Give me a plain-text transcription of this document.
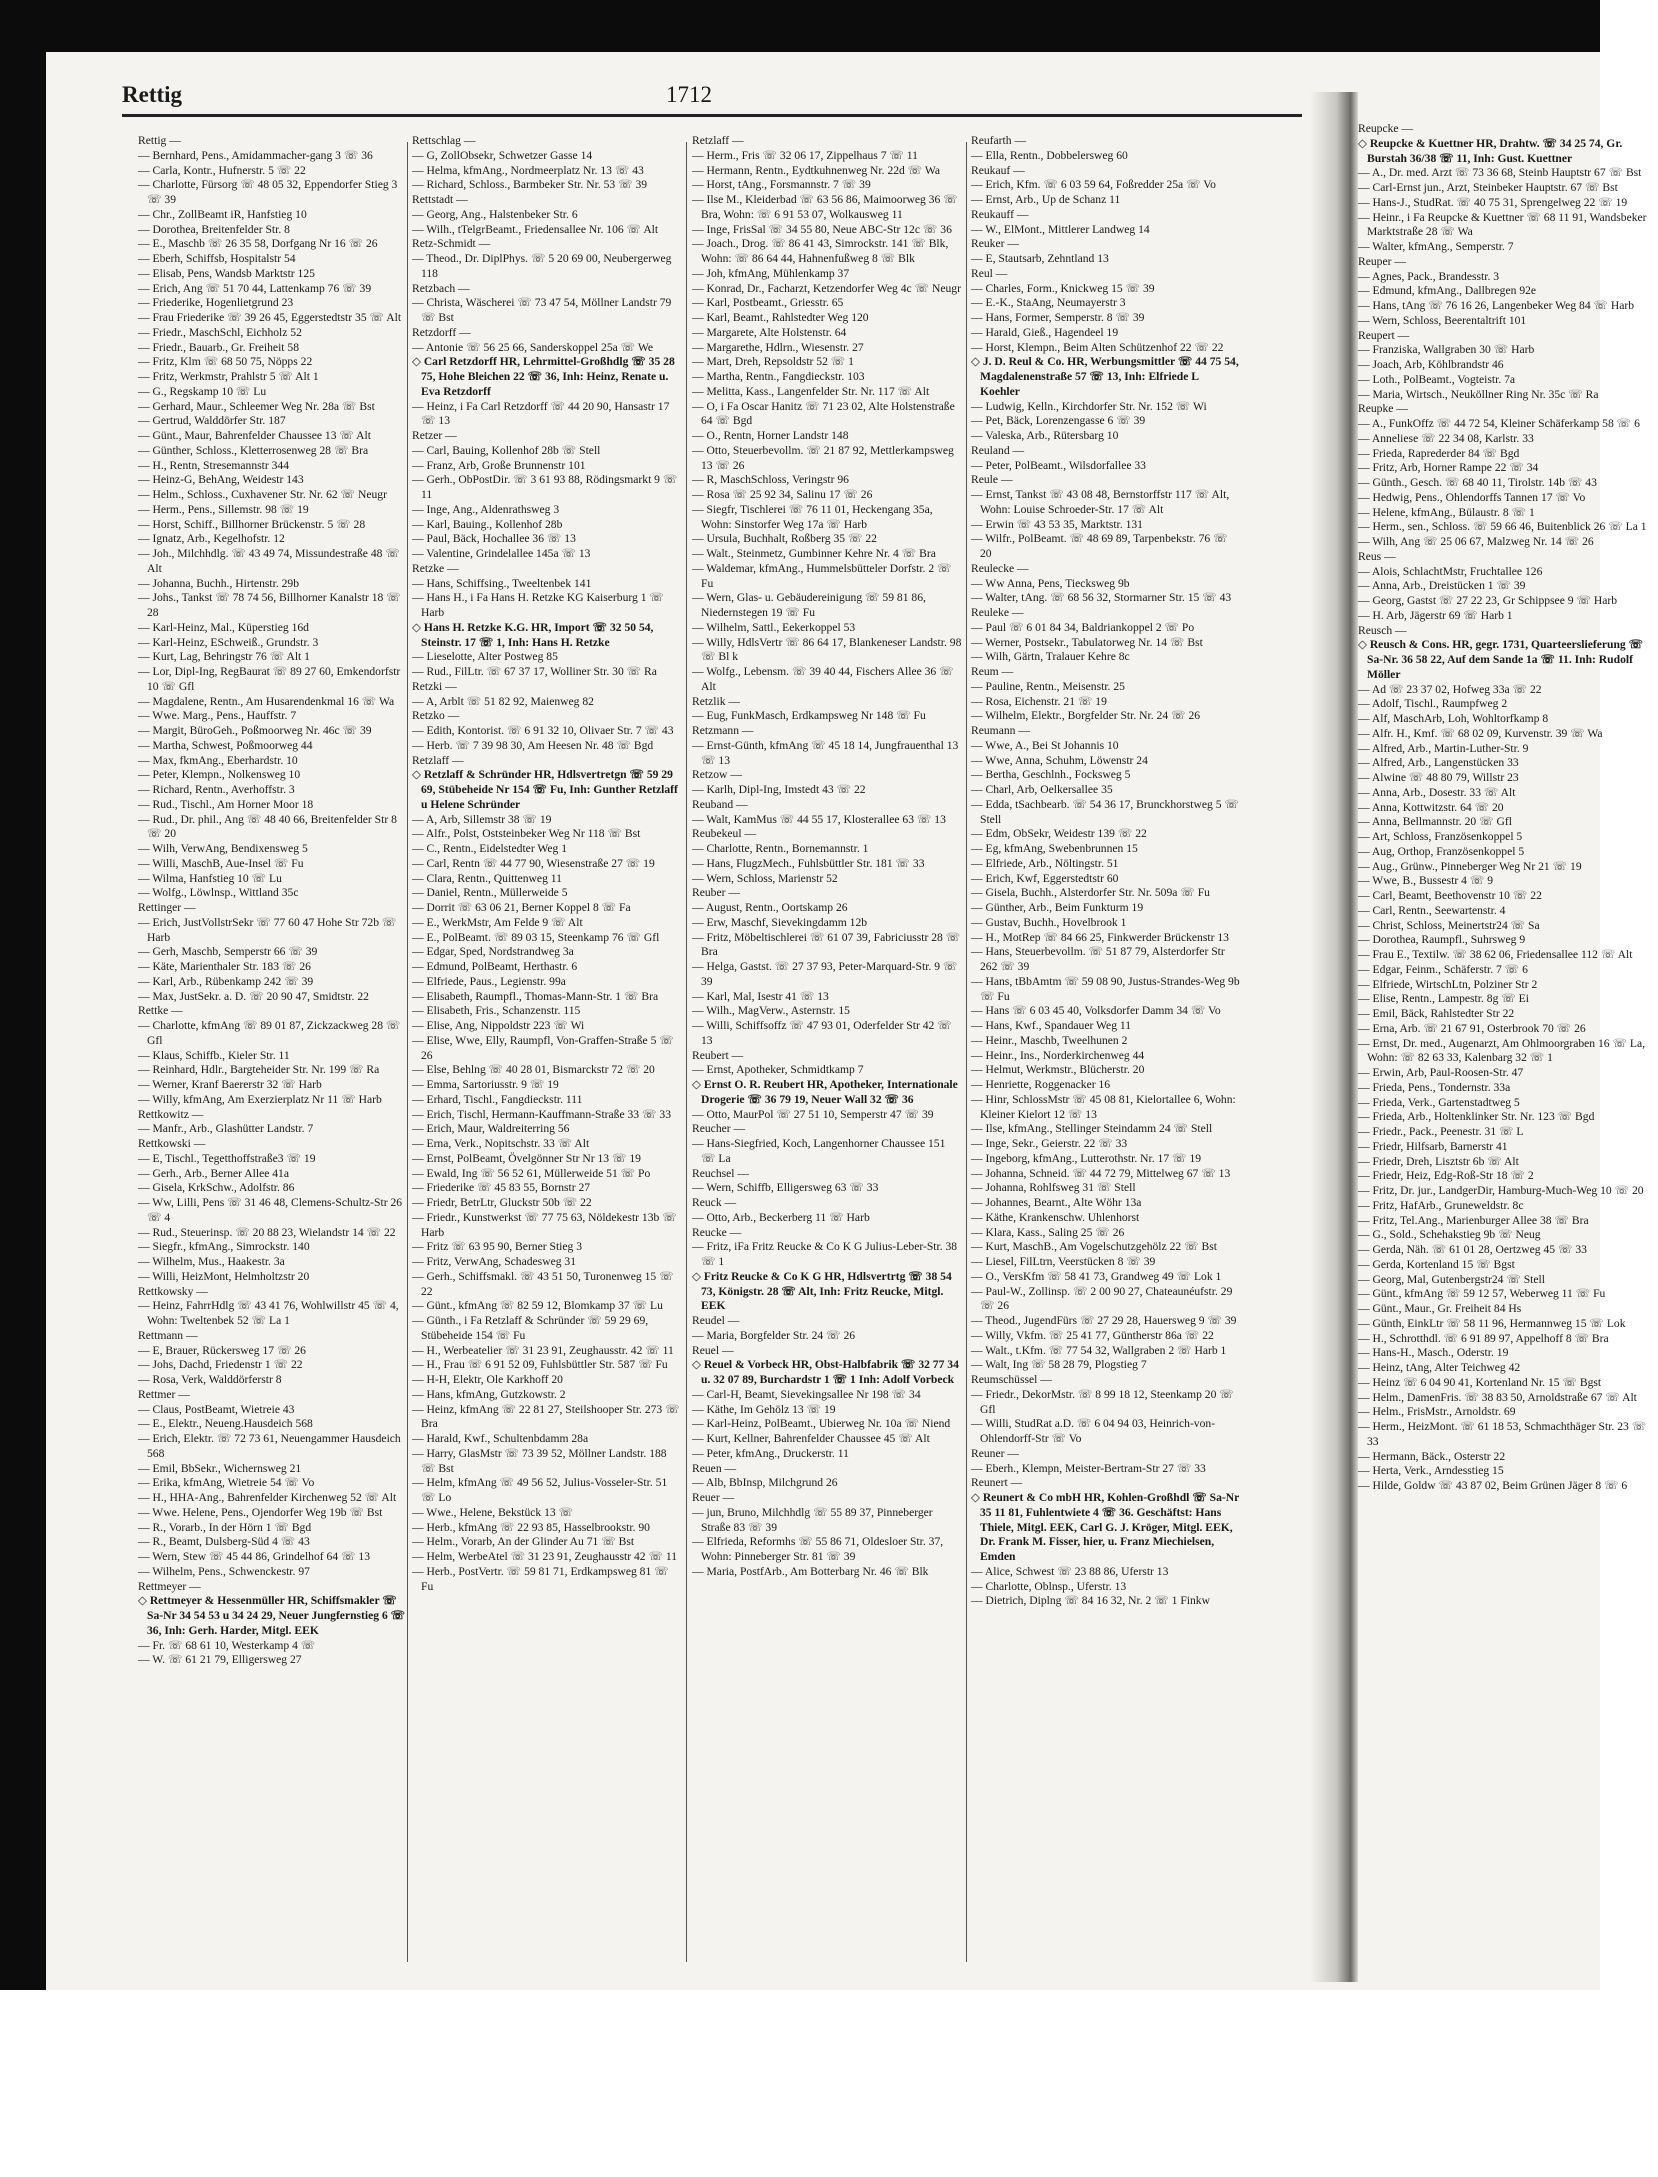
Rettig	1712
Rettig —
— Bernhard, Pens., Amidammacher-gang 3 ☏ 36
— Carla, Kontr., Hufnerstr. 5 ☏ 22
— Charlotte, Fürsorg ☏ 48 05 32, Eppendorfer Stieg 3 ☏ 39
— Chr., ZollBeamt iR, Hanfstieg 10
— Dorothea, Breitenfelder Str. 8
— E., Maschb ☏ 26 35 58, Dorfgang Nr 16 ☏ 26
— Eberh, Schiffsb, Hospitalstr 54
— Elisab, Pens, Wandsb Marktstr 125
— Erich, Ang ☏ 51 70 44, Lattenkamp 76 ☏ 39
— Friederike, Hogenlietgrund 23
— Frau Friederike ☏ 39 26 45, Eggerstedtstr 35 ☏ Alt
— Friedr., MaschSchl, Eichholz 52
— Friedr., Bauarb., Gr. Freiheit 58
— Fritz, Klm ☏ 68 50 75, Nöpps 22
— Fritz, Werkmstr, Prahlstr 5 ☏ Alt 1
— G., Regskamp 10 ☏ Lu
— Gerhard, Maur., Schleemer Weg Nr. 28a ☏ Bst
— Gertrud, Walddörfer Str. 187
— Günt., Maur, Bahrenfelder Chaussee 13 ☏ Alt
— Günther, Schloss., Kletterrosenweg 28 ☏ Bra
— H., Rentn, Stresemannstr 344
— Heinz-G, BehAng, Weidestr 143
— Helm., Schloss., Cuxhavener Str. Nr. 62 ☏ Neugr
— Herm., Pens., Sillemstr. 98 ☏ 19
— Horst, Schiff., Billhorner Brückenstr. 5 ☏ 28
— Ignatz, Arb., Kegelhofstr. 12
— Joh., Milchhdlg. ☏ 43 49 74, Missundestraße 48 ☏ Alt
— Johanna, Buchh., Hirtenstr. 29b
— Johs., Tankst ☏ 78 74 56, Billhorner Kanalstr 18 ☏ 28
— Karl-Heinz, Mal., Küperstieg 16d
— Karl-Heinz, ESchweiß., Grundstr. 3
— Kurt, Lag, Behringstr 76 ☏ Alt 1
— Lor, Dipl-Ing, RegBaurat ☏ 89 27 60, Emkendorfstr 10 ☏ Gfl
— Magdalene, Rentn., Am Husarendenkmal 16 ☏ Wa
— Wwe. Marg., Pens., Hauffstr. 7
— Margit, BüroGeh., Poßmoorweg Nr. 46c ☏ 39
— Martha, Schwest, Poßmoorweg 44
— Max, fkmAng., Eberhardstr. 10
— Peter, Klempn., Nolkensweg 10
— Richard, Rentn., Averhoffstr. 3
— Rud., Tischl., Am Horner Moor 18
— Rud., Dr. phil., Ang ☏ 48 40 66, Breitenfelder Str 8 ☏ 20
— Wilh, VerwAng, Bendixensweg 5
— Willi, MaschB, Aue-Insel ☏ Fu
— Wilma, Hanfstieg 10 ☏ Lu
— Wolfg., Löwlnsp., Wittland 35c
Rettinger —
— Erich, JustVollstrSekr ☏ 77 60 47 Hohe Str 72b ☏ Harb
— Gerh, Maschb, Semperstr 66 ☏ 39
— Käte, Marienthaler Str. 183 ☏ 26
— Karl, Arb., Rübenkamp 242 ☏ 39
— Max, JustSekr. a. D. ☏ 20 90 47, Smidtstr. 22
Rettke —
— Charlotte, kfmAng ☏ 89 01 87, Zickzackweg 28 ☏ Gfl
— Klaus, Schiffb., Kieler Str. 11
— Reinhard, Hdlr., Bargteheider Str. Nr. 199 ☏ Ra
— Werner, Kranf Baererstr 32 ☏ Harb
— Willy, kfmAng, Am Exerzierplatz Nr 11 ☏ Harb
Rettkowitz —
— Manfr., Arb., Glashütter Landstr. 7
Rettkowski —
— E, Tischl., Tegetthoffstraße3 ☏ 19
— Gerh., Arb., Berner Allee 41a
— Gisela, KrkSchw., Adolfstr. 86
— Ww, Lilli, Pens ☏ 31 46 48, Clemens-Schultz-Str 26 ☏ 4
— Rud., Steuerinsp. ☏ 20 88 23, Wielandstr 14 ☏ 22
— Siegfr., kfmAng., Simrockstr. 140
— Wilhelm, Mus., Haakestr. 3a
— Willi, HeizMont, Helmholtzstr 20
Rettkowsky —
— Heinz, FahrrHdlg ☏ 43 41 76, Wohlwillstr 45 ☏ 4, Wohn: Tweltenbek 52 ☏ La 1
Rettmann —
— E, Brauer, Rückersweg 17 ☏ 26
— Johs, Dachd, Friedenstr 1 ☏ 22
— Rosa, Verk, Walddörferstr 8
Rettmer —
— Claus, PostBeamt, Wietreie 43
— E., Elektr., Neueng.Hausdeich 568
— Erich, Elektr. ☏ 72 73 61, Neuengammer Hausdeich 568
— Emil, BbSekr., Wichernsweg 21
— Erika, kfmAng, Wietreie 54 ☏ Vo
— H., HHA-Ang., Bahrenfelder Kirchenweg 52 ☏ Alt
— Wwe. Helene, Pens., Ojendorfer Weg 19b ☏ Bst
— R., Vorarb., In der Hörn 1 ☏ Bgd
— R., Beamt, Dulsberg-Süd 4 ☏ 43
— Wern, Stew ☏ 45 44 86, Grindelhof 64 ☏ 13
— Wilhelm, Pens., Schwenckestr. 97
Rettmeyer —
◇ Rettmeyer & Hessenmüller HR, Schiffsmakler ☏ Sa-Nr 34 54 53 u 34 24 29, Neuer Jungfernstieg 6 ☏ 36, Inh: Gerh. Harder, Mitgl. EEK
— Fr. ☏ 68 61 10, Westerkamp 4 ☏
— W. ☏ 61 21 79, Elligersweg 27
Rettschlag —
— G, ZollObsekr, Schwetzer Gasse 14
— Helma, kfmAng., Nordmeerplatz Nr. 13 ☏ 43
— Richard, Schloss., Barmbeker Str. Nr. 53 ☏ 39
Rettstadt —
— Georg, Ang., Halstenbeker Str. 6
— Wilh., tTelgrBeamt., Friedensallee Nr. 106 ☏ Alt
Retz-Schmidt —
— Theod., Dr. DiplPhys. ☏ 5 20 69 00, Neubergerweg 118
Retzbach —
— Christa, Wäscherei ☏ 73 47 54, Möllner Landstr 79 ☏ Bst
Retzdorff —
— Antonie ☏ 56 25 66, Sanderskoppel 25a ☏ We
◇ Carl Retzdorff HR, Lehrmittel-Großhdlg ☏ 35 28 75, Hohe Bleichen 22 ☏ 36, Inh: Heinz, Renate u. Eva Retzdorff
— Heinz, i Fa Carl Retzdorff ☏ 44 20 90, Hansastr 17 ☏ 13
Retzer —
— Carl, Bauing, Kollenhof 28b ☏ Stell
— Franz, Arb, Große Brunnenstr 101
— Gerh., ObPostDir. ☏ 3 61 93 88, Rödingsmarkt 9 ☏ 11
— Inge, Ang., Aldenrathsweg 3
— Karl, Bauing., Kollenhof 28b
— Paul, Bäck, Hochallee 36 ☏ 13
— Valentine, Grindelallee 145a ☏ 13
Retzke —
— Hans, Schiffsing., Tweeltenbek 141
— Hans H., i Fa Hans H. Retzke KG Kaiserburg 1 ☏ Harb
◇ Hans H. Retzke K.G. HR, Import ☏ 32 50 54, Steinstr. 17 ☏ 1, Inh: Hans H. Retzke
— Lieselotte, Alter Postweg 85
— Rud., FilLtr. ☏ 67 37 17, Wolliner Str. 30 ☏ Ra
Retzki —
— A, Arblt ☏ 51 82 92, Maienweg 82
Retzko —
— Edith, Kontorist. ☏ 6 91 32 10, Olivaer Str. 7 ☏ 43
— Herb. ☏ 7 39 98 30, Am Heesen Nr. 48 ☏ Bgd
Retzlaff —
◇ Retzlaff & Schründer HR, Hdlsvertretgn ☏ 59 29 69, Stübeheide Nr 154 ☏ Fu, Inh: Gunther Retzlaff u Helene Schründer
— A, Arb, Sillemstr 38 ☏ 19
— Alfr., Polst, Oststeinbeker Weg Nr 118 ☏ Bst
— C., Rentn., Eidelstedter Weg 1
— Carl, Rentn ☏ 44 77 90, Wiesenstraße 27 ☏ 19
— Clara, Rentn., Quittenweg 11
— Daniel, Rentn., Müllerweide 5
— Dorrit ☏ 63 06 21, Berner Koppel 8 ☏ Fa
— E., WerkMstr, Am Felde 9 ☏ Alt
— E., PolBeamt. ☏ 89 03 15, Steenkamp 76 ☏ Gfl
— Edgar, Sped, Nordstrandweg 3a
— Edmund, PolBeamt, Herthastr. 6
— Elfriede, Paus., Legienstr. 99a
— Elisabeth, Raumpfl., Thomas-Mann-Str. 1 ☏ Bra
— Elisabeth, Fris., Schanzenstr. 115
— Elise, Ang, Nippoldstr 223 ☏ Wi
— Elise, Wwe, Elly, Raumpfl, Von-Graffen-Straße 5 ☏ 26
— Else, Behlng ☏ 40 28 01, Bismarckstr 72 ☏ 20
— Emma, Sartoriusstr. 9 ☏ 19
— Erhard, Tischl., Fangdieckstr. 111
— Erich, Tischl, Hermann-Kauffmann-Straße 33 ☏ 33
— Erich, Maur, Waldreiterring 56
— Erna, Verk., Nopitschstr. 33 ☏ Alt
— Ernst, PolBeamt, Övelgönner Str Nr 13 ☏ 19
— Ewald, Ing ☏ 56 52 61, Müllerweide 51 ☏ Po
— Friederike ☏ 45 83 55, Bornstr 27
— Friedr, BetrLtr, Gluckstr 50b ☏ 22
— Friedr., Kunstwerkst ☏ 77 75 63, Nöldekestr 13b ☏ Harb
— Fritz ☏ 63 95 90, Berner Stieg 3
— Fritz, VerwAng, Schadesweg 31
— Gerh., Schiffsmakl. ☏ 43 51 50, Turonenweg 15 ☏ 22
— Günt., kfmAng ☏ 82 59 12, Blomkamp 37 ☏ Lu
— Günth., i Fa Retzlaff & Schründer ☏ 59 29 69, Stübeheide 154 ☏ Fu
— H., Werbeatelier ☏ 31 23 91, Zeughausstr. 42 ☏ 11
— H., Frau ☏ 6 91 52 09, Fuhlsbüttler Str. 587 ☏ Fu
— H-H, Elektr, Ole Karkhoff 20
— Hans, kfmAng, Gutzkowstr. 2
— Heinz, kfmAng ☏ 22 81 27, Steilshooper Str. 273 ☏ Bra
— Harald, Kwf., Schultenbdamm 28a
— Harry, GlasMstr ☏ 73 39 52, Möllner Landstr. 188 ☏ Bst
— Helm, kfmAng ☏ 49 56 52, Julius-Vosseler-Str. 51 ☏ Lo
— Wwe., Helene, Bekstück 13 ☏
— Herb., kfmAng ☏ 22 93 85, Hasselbrookstr. 90
— Helm., Vorarb, An der Glinder Au 71 ☏ Bst
— Helm, WerbeAtel ☏ 31 23 91, Zeughausstr 42 ☏ 11
— Herb., PostVertr. ☏ 59 81 71, Erdkampsweg 81 ☏ Fu
Retzlaff —
— Herm., Fris ☏ 32 06 17, Zippelhaus 7 ☏ 11
— Hermann, Rentn., Eydtkuhnenweg Nr. 22d ☏ Wa
— Horst, tAng., Forsmannstr. 7 ☏ 39
— Ilse M., Kleiderbad ☏ 63 56 86, Maimoorweg 36 ☏ Bra, Wohn: ☏ 6 91 53 07, Wolkausweg 11
— Inge, FrisSal ☏ 34 55 80, Neue ABC-Str 12c ☏ 36
— Joach., Drog. ☏ 86 41 43, Simrockstr. 141 ☏ Blk, Wohn: ☏ 86 64 44, Hahnenfußweg 8 ☏ Blk
— Joh, kfmAng, Mühlenkamp 37
— Konrad, Dr., Facharzt, Ketzendorfer Weg 4c ☏ Neugr
— Karl, Postbeamt., Griesstr. 65
— Karl, Beamt., Rahlstedter Weg 120
— Margarete, Alte Holstenstr. 64
— Margarethe, Hdlrn., Wiesenstr. 27
— Mart, Dreh, Repsoldstr 52 ☏ 1
— Martha, Rentn., Fangdieckstr. 103
— Melitta, Kass., Langenfelder Str. Nr. 117 ☏ Alt
— O, i Fa Oscar Hanitz ☏ 71 23 02, Alte Holstenstraße 64 ☏ Bgd
— O., Rentn, Horner Landstr 148
— Otto, Steuerbevollm. ☏ 21 87 92, Mettlerkampsweg 13 ☏ 26
— R, MaschSchloss, Veringstr 96
— Rosa ☏ 25 92 34, Salinu 17 ☏ 26
— Siegfr, Tischlerei ☏ 76 11 01, Heckengang 35a, Wohn: Sinstorfer Weg 17a ☏ Harb
— Ursula, Buchhalt, Roßberg 35 ☏ 22
— Walt., Steinmetz, Gumbinner Kehre Nr. 4 ☏ Bra
— Waldemar, kfmAng., Hummelsbütteler Dorfstr. 2 ☏ Fu
— Wern, Glas- u. Gebäudereinigung ☏ 59 81 86, Niedernstegen 19 ☏ Fu
— Wilhelm, Sattl., Eekerkoppel 53
— Willy, HdlsVertr ☏ 86 64 17, Blankeneser Landstr. 98 ☏ Bl k
— Wolfg., Lebensm. ☏ 39 40 44, Fischers Allee 36 ☏ Alt
Retzlik —
— Eug, FunkMasch, Erdkampsweg Nr 148 ☏ Fu
Retzmann —
— Ernst-Günth, kfmAng ☏ 45 18 14, Jungfrauenthal 13 ☏ 13
Retzow —
— Karlh, Dipl-Ing, Imstedt 43 ☏ 22
Reuband —
— Walt, KamMus ☏ 44 55 17, Klosterallee 63 ☏ 13
Reubekeul —
— Charlotte, Rentn., Bornemannstr. 1
— Hans, FlugzMech., Fuhlsbüttler Str. 181 ☏ 33
— Wern, Schloss, Marienstr 52
Reuber —
— August, Rentn., Oortskamp 26
— Erw, Maschf, Sievekingdamm 12b
— Fritz, Möbeltischlerei ☏ 61 07 39, Fabriciusstr 28 ☏ Bra
— Helga, Gastst. ☏ 27 37 93, Peter-Marquard-Str. 9 ☏ 39
— Karl, Mal, Isestr 41 ☏ 13
— Wilh., MagVerw., Asternstr. 15
— Willi, Schiffsoffz ☏ 47 93 01, Oderfelder Str 42 ☏ 13
Reubert —
— Ernst, Apotheker, Schmidtkamp 7
◇ Ernst O. R. Reubert HR, Apotheker, Internationale Drogerie ☏ 36 79 19, Neuer Wall 32 ☏ 36
— Otto, MaurPol ☏ 27 51 10, Semperstr 47 ☏ 39
Reucher —
— Hans-Siegfried, Koch, Langenhorner Chaussee 151 ☏ La
Reuchsel —
— Wern, Schiffb, Elligersweg 63 ☏ 33
Reuck —
— Otto, Arb., Beckerberg 11 ☏ Harb
Reucke —
— Fritz, iFa Fritz Reucke & Co K G Julius-Leber-Str. 38 ☏ 1
◇ Fritz Reucke & Co K G HR, Hdlsvertrtg ☏ 38 54 73, Königstr. 28 ☏ Alt, Inh: Fritz Reucke, Mitgl. EEK
Reudel —
— Maria, Borgfelder Str. 24 ☏ 26
Reuel —
◇ Reuel & Vorbeck HR, Obst-Halbfabrik ☏ 32 77 34 u. 32 07 89, Burchardstr 1 ☏ 1 Inh: Adolf Vorbeck
— Carl-H, Beamt, Sievekingsallee Nr 198 ☏ 34
— Käthe, Im Gehölz 13 ☏ 19
— Karl-Heinz, PolBeamt., Ubierweg Nr. 10a ☏ Niend
— Kurt, Kellner, Bahrenfelder Chaussee 45 ☏ Alt
— Peter, kfmAng., Druckerstr. 11
Reuen —
— Alb, BbInsp, Milchgrund 26
Reuer —
— jun, Bruno, Milchhdlg ☏ 55 89 37, Pinneberger Straße 83 ☏ 39
— Elfrieda, Reformhs ☏ 55 86 71, Oldesloer Str. 37, Wohn: Pinneberger Str. 81 ☏ 39
— Maria, PostfArb., Am Botterbarg Nr. 46 ☏ Blk
Reufarth —
— Ella, Rentn., Dobbelersweg 60
Reukauf —
— Erich, Kfm. ☏ 6 03 59 64, Foßredder 25a ☏ Vo
— Ernst, Arb., Up de Schanz 11
Reukauff —
— W., ElMont., Mittlerer Landweg 14
Reuker —
— E, Stautsarb, Zehntland 13
Reul —
— Charles, Form., Knickweg 15 ☏ 39
— E.-K., StaAng, Neumayerstr 3
— Hans, Former, Semperstr. 8 ☏ 39
— Harald, Gieß., Hagendeel 19
— Horst, Klempn., Beim Alten Schützenhof 22 ☏ 22
◇ J. D. Reul & Co. HR, Werbungsmittler ☏ 44 75 54, Magdalenenstraße 57 ☏ 13, Inh: Elfriede L Koehler
— Ludwig, Kelln., Kirchdorfer Str. Nr. 152 ☏ Wi
— Pet, Bäck, Lorenzengasse 6 ☏ 39
— Valeska, Arb., Rütersbarg 10
Reuland —
— Peter, PolBeamt., Wilsdorfallee 33
Reule —
— Ernst, Tankst ☏ 43 08 48, Bernstorffstr 117 ☏ Alt, Wohn: Louise Schroeder-Str. 17 ☏ Alt
— Erwin ☏ 43 53 35, Marktstr. 131
— Wilfr., PolBeamt. ☏ 48 69 89, Tarpenbekstr. 76 ☏ 20
Reulecke —
— Ww Anna, Pens, Tiecksweg 9b
— Walter, tAng. ☏ 68 56 32, Stormarner Str. 15 ☏ 43
Reuleke —
— Paul ☏ 6 01 84 34, Baldriankoppel 2 ☏ Po
— Werner, Postsekr., Tabulatorweg Nr. 14 ☏ Bst
— Wilh, Gärtn, Tralauer Kehre 8c
Reum —
— Pauline, Rentn., Meisenstr. 25
— Rosa, Eichenstr. 21 ☏ 19
— Wilhelm, Elektr., Borgfelder Str. Nr. 24 ☏ 26
Reumann —
— Wwe, A., Bei St Johannis 10
— Wwe, Anna, Schuhm, Löwenstr 24
— Bertha, Geschlnh., Focksweg 5
— Charl, Arb, Oelkersallee 35
— Edda, tSachbearb. ☏ 54 36 17, Brunckhorstweg 5 ☏ Stell
— Edm, ObSekr, Weidestr 139 ☏ 22
— Eg, kfmAng, Swebenbrunnen 15
— Elfriede, Arb., Nöltingstr. 51
— Erich, Kwf, Eggerstedtstr 60
— Gisela, Buchh., Alsterdorfer Str. Nr. 509a ☏ Fu
— Günther, Arb., Beim Funkturm 19
— Gustav, Buchh., Hovelbrook 1
— H., MotRep ☏ 84 66 25, Finkwerder Brückenstr 13
— Hans, Steuerbevollm. ☏ 51 87 79, Alsterdorfer Str 262 ☏ 39
— Hans, tBbAmtm ☏ 59 08 90, Justus-Strandes-Weg 9b ☏ Fu
— Hans ☏ 6 03 45 40, Volksdorfer Damm 34 ☏ Vo
— Hans, Kwf., Spandauer Weg 11
— Heinr., Maschb, Tweelhunen 2
— Heinr., Ins., Norderkirchenweg 44
— Helmut, Werkmstr., Blücherstr. 20
— Henriette, Roggenacker 16
— Hinr, SchlossMstr ☏ 45 08 81, Kielortallee 6, Wohn: Kleiner Kielort 12 ☏ 13
— Ilse, kfmAng., Stellinger Steindamm 24 ☏ Stell
— Inge, Sekr., Geierstr. 22 ☏ 33
— Ingeborg, kfmAng., Lutterothstr. Nr. 17 ☏ 19
— Johanna, Schneid. ☏ 44 72 79, Mittelweg 67 ☏ 13
— Johanna, Rohlfsweg 31 ☏ Stell
— Johannes, Bearnt., Alte Wöhr 13a
— Käthe, Krankenschw. Uhlenhorst
— Klara, Kass., Saling 25 ☏ 26
— Kurt, MaschB., Am Vogelschutzgehölz 22 ☏ Bst
— Liesel, FilLtrn, Veerstücken 8 ☏ 39
— O., VersKfm ☏ 58 41 73, Grandweg 49 ☏ Lok 1
— Paul-W., Zollinsp. ☏ 2 00 90 27, Chateaunéufstr. 29 ☏ 26
— Theod., JugendFürs ☏ 27 29 28, Hauersweg 9 ☏ 39
— Willy, Vkfm. ☏ 25 41 77, Güntherstr 86a ☏ 22
— Walt., t.Kfm. ☏ 77 54 32, Wallgraben 2 ☏ Harb 1
— Walt, Ing ☏ 58 28 79, Plogstieg 7
Reumschüssel —
— Friedr., DekorMstr. ☏ 8 99 18 12, Steenkamp 20 ☏ Gfl
— Willi, StudRat a.D. ☏ 6 04 94 03, Heinrich-von-Ohlendorff-Str ☏ Vo
Reuner —
— Eberh., Klempn, Meister-Bertram-Str 27 ☏ 33
Reunert —
◇ Reunert & Co mbH HR, Kohlen-Großhdl ☏ Sa-Nr 35 11 81, Fuhlentwiete 4 ☏ 36. Geschäftst: Hans Thiele, Mitgl. EEK, Carl G. J. Kröger, Mitgl. EEK, Dr. Frank M. Fisser, hier, u. Franz Miechielsen, Emden
— Alice, Schwest ☏ 23 88 86, Uferstr 13
— Charlotte, Oblnsp., Uferstr. 13
— Dietrich, Diplng ☏ 84 16 32, Nr. 2 ☏ 1 Finkw
Reupcke —
◇ Reupcke & Kuettner HR, Drahtw. ☏ 34 25 74, Gr. Burstah 36/38 ☏ 11, Inh: Gust. Kuettner
— A., Dr. med. Arzt ☏ 73 36 68, Steinb Hauptstr 67 ☏ Bst
— Carl-Ernst jun., Arzt, Steinbeker Hauptstr. 67 ☏ Bst
— Hans-J., StudRat. ☏ 40 75 31, Sprengelweg 22 ☏ 19
— Heinr., i Fa Reupcke & Kuettner ☏ 68 11 91, Wandsbeker Marktstraße 28 ☏ Wa
— Walter, kfmAng., Semperstr. 7
Reuper —
— Agnes, Pack., Brandesstr. 3
— Edmund, kfmAng., Dallbregen 92e
— Hans, tAng ☏ 76 16 26, Langenbeker Weg 84 ☏ Harb
— Wern, Schloss, Beerentaltrift 101
Reupert —
— Franziska, Wallgraben 30 ☏ Harb
— Joach, Arb, Köhlbrandstr 46
— Loth., PolBeamt., Vogteistr. 7a
— Maria, Wirtsch., Neuköllner Ring Nr. 35c ☏ Ra
Reupke —
— A., FunkOffz ☏ 44 72 54, Kleiner Schäferkamp 58 ☏ 6
— Anneliese ☏ 22 34 08, Karlstr. 33
— Frieda, Raprederder 84 ☏ Bgd
— Fritz, Arb, Horner Rampe 22 ☏ 34
— Günth., Gesch. ☏ 68 40 11, Tirolstr. 14b ☏ 43
— Hedwig, Pens., Ohlendorffs Tannen 17 ☏ Vo
— Helene, kfmAng., Bülaustr. 8 ☏ 1
— Herm., sen., Schloss. ☏ 59 66 46, Buitenblick 26 ☏ La 1
— Wilh, Ang ☏ 25 06 67, Malzweg Nr. 14 ☏ 26
Reus —
— Alois, SchlachtMstr, Fruchtallee 126
— Anna, Arb., Dreistücken 1 ☏ 39
— Georg, Gastst ☏ 27 22 23, Gr Schippsee 9 ☏ Harb
— H. Arb, Jägerstr 69 ☏ Harb 1
Reusch —
◇ Reusch & Cons. HR, gegr. 1731, Quarteerslieferung ☏ Sa-Nr. 36 58 22, Auf dem Sande 1a ☏ 11. Inh: Rudolf Möller
— Ad ☏ 23 37 02, Hofweg 33a ☏ 22
— Adolf, Tischl., Raumpfweg 2
— Alf, MaschArb, Loh, Wohltorfkamp 8
— Alfr. H., Kmf. ☏ 68 02 09, Kurvenstr. 39 ☏ Wa
— Alfred, Arb., Martin-Luther-Str. 9
— Alfred, Arb., Langenstücken 33
— Alwine ☏ 48 80 79, Willstr 23
— Anna, Arb., Dosestr. 33 ☏ Alt
— Anna, Kottwitzstr. 64 ☏ 20
— Anna, Bellmannstr. 20 ☏ Gfl
— Art, Schloss, Französenkoppel 5
— Aug, Orthop, Französenkoppel 5
— Aug., Grünw., Pinneberger Weg Nr 21 ☏ 19
— Wwe, B., Bussestr 4 ☏ 9
— Carl, Beamt, Beethovenstr 10 ☏ 22
— Carl, Rentn., Seewartenstr. 4
— Christ, Schloss, Meinertstr24 ☏ Sa
— Dorothea, Raumpfl., Suhrsweg 9
— Frau E., Textilw. ☏ 38 62 06, Friedensallee 112 ☏ Alt
— Edgar, Feinm., Schäferstr. 7 ☏ 6
— Elfriede, WirtschLtn, Polziner Str 2
— Elise, Rentn., Lampestr. 8g ☏ Ei
— Emil, Bäck, Rahlstedter Str 22
— Erna, Arb. ☏ 21 67 91, Osterbrook 70 ☏ 26
— Ernst, Dr. med., Augenarzt, Am Ohlmoorgraben 16 ☏ La, Wohn: ☏ 82 63 33, Kalenbarg 32 ☏ 1
— Erwin, Arb, Paul-Roosen-Str. 47
— Frieda, Pens., Tondernstr. 33a
— Frieda, Verk., Gartenstadtweg 5
— Frieda, Arb., Holtenklinker Str. Nr. 123 ☏ Bgd
— Friedr., Pack., Peenestr. 31 ☏ L
— Friedr, Hilfsarb, Barnerstr 41
— Friedr, Dreh, Lisztstr 6b ☏ Alt
— Friedr, Heiz, Edg-Roß-Str 18 ☏ 2
— Fritz, Dr. jur., LandgerDir, Hamburg-Much-Weg 10 ☏ 20
— Fritz, HafArb., Gruneweldstr. 8c
— Fritz, Tel.Ang., Marienburger Allee 38 ☏ Bra
— G., Sold., Schehakstieg 9b ☏ Neug
— Gerda, Näh. ☏ 61 01 28, Oertzweg 45 ☏ 33
— Gerda, Kortenland 15 ☏ Bgst
— Georg, Mal, Gutenbergstr24 ☏ Stell
— Günt., kfmAng ☏ 59 12 57, Weberweg 11 ☏ Fu
— Günt., Maur., Gr. Freiheit 84 Hs
— Günth, EinkLtr ☏ 58 11 96, Hermannweg 15 ☏ Lok
— H., Schrotthdl. ☏ 6 91 89 97, Appelhoff 8 ☏ Bra
— Hans-H., Masch., Oderstr. 19
— Heinz, tAng, Alter Teichweg 42
— Heinz ☏ 6 04 90 41, Kortenland Nr. 15 ☏ Bgst
— Helm., DamenFris. ☏ 38 83 50, Arnoldstraße 67 ☏ Alt
— Helm., FrisMstr., Arnoldstr. 69
— Herm., HeizMont. ☏ 61 18 53, Schmachthäger Str. 23 ☏ 33
— Hermann, Bäck., Osterstr 22
— Herta, Verk., Arndesstieg 15
— Hilde, Goldw ☏ 43 87 02, Beim Grünen Jäger 8 ☏ 6
